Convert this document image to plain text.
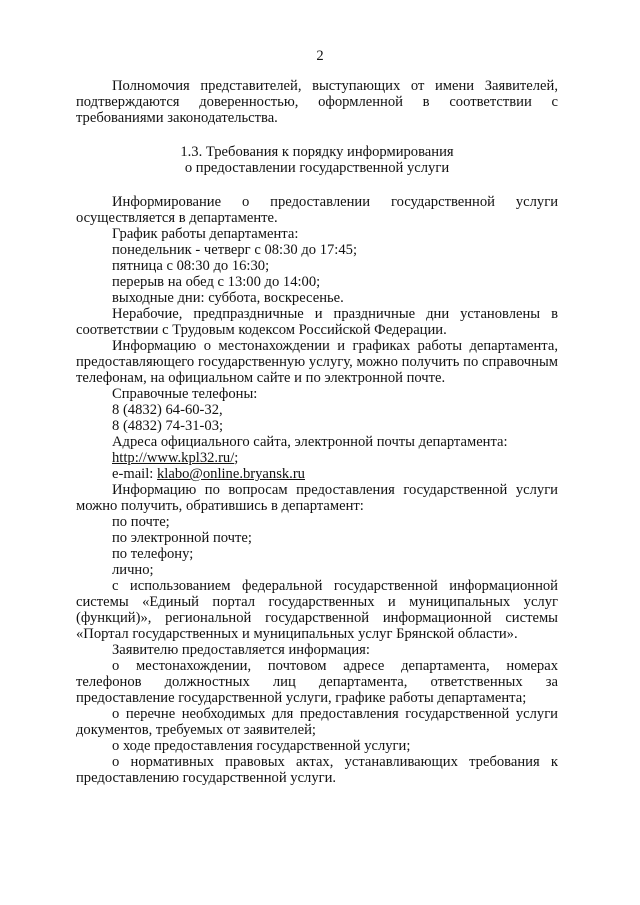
2

Полномочия представителей, выступающих от имени Заявителей, подтверждаются доверенностью, оформленной в соответствии с требованиями законодательства.

1.3. Требования к порядку информирования

о предоставлении государственной услуги

Информирование о предоставлении государственной услуги осуществляется в департаменте.

График работы департамента:

понедельник - четверг с 08:30 до 17:45;

пятница с 08:30 до 16:30;

перерыв на обед с 13:00 до 14:00;

выходные дни: суббота, воскресенье.

Нерабочие, предпраздничные и праздничные дни установлены в соответствии с Трудовым кодексом Российской Федерации.

Информацию о местонахождении и графиках работы департамента, предоставляющего государственную услугу, можно получить по справочным телефонам, на официальном сайте и по электронной почте.

Справочные телефоны:

8 (4832) 64-60-32,

8 (4832) 74-31-03;

Адреса официального сайта, электронной почты департамента:

http://www.kpl32.ru/;

e-mail: klabo@online.bryansk.ru

Информацию по вопросам предоставления государственной услуги можно получить, обратившись в департамент:

по почте;

по электронной почте;

по телефону;

лично;

с использованием федеральной государственной информационной системы «Единый портал государственных и муниципальных услуг (функций)», региональной государственной информационной системы «Портал государственных и муниципальных услуг Брянской области».

Заявителю предоставляется информация:

о местонахождении, почтовом адресе департамента, номерах телефонов должностных лиц департамента, ответственных за предоставление государственной услуги, графике работы департамента;

о перечне необходимых для предоставления государственной услуги документов, требуемых от заявителей;

о ходе предоставления государственной услуги;

о нормативных правовых актах, устанавливающих требования к предоставлению государственной услуги.
